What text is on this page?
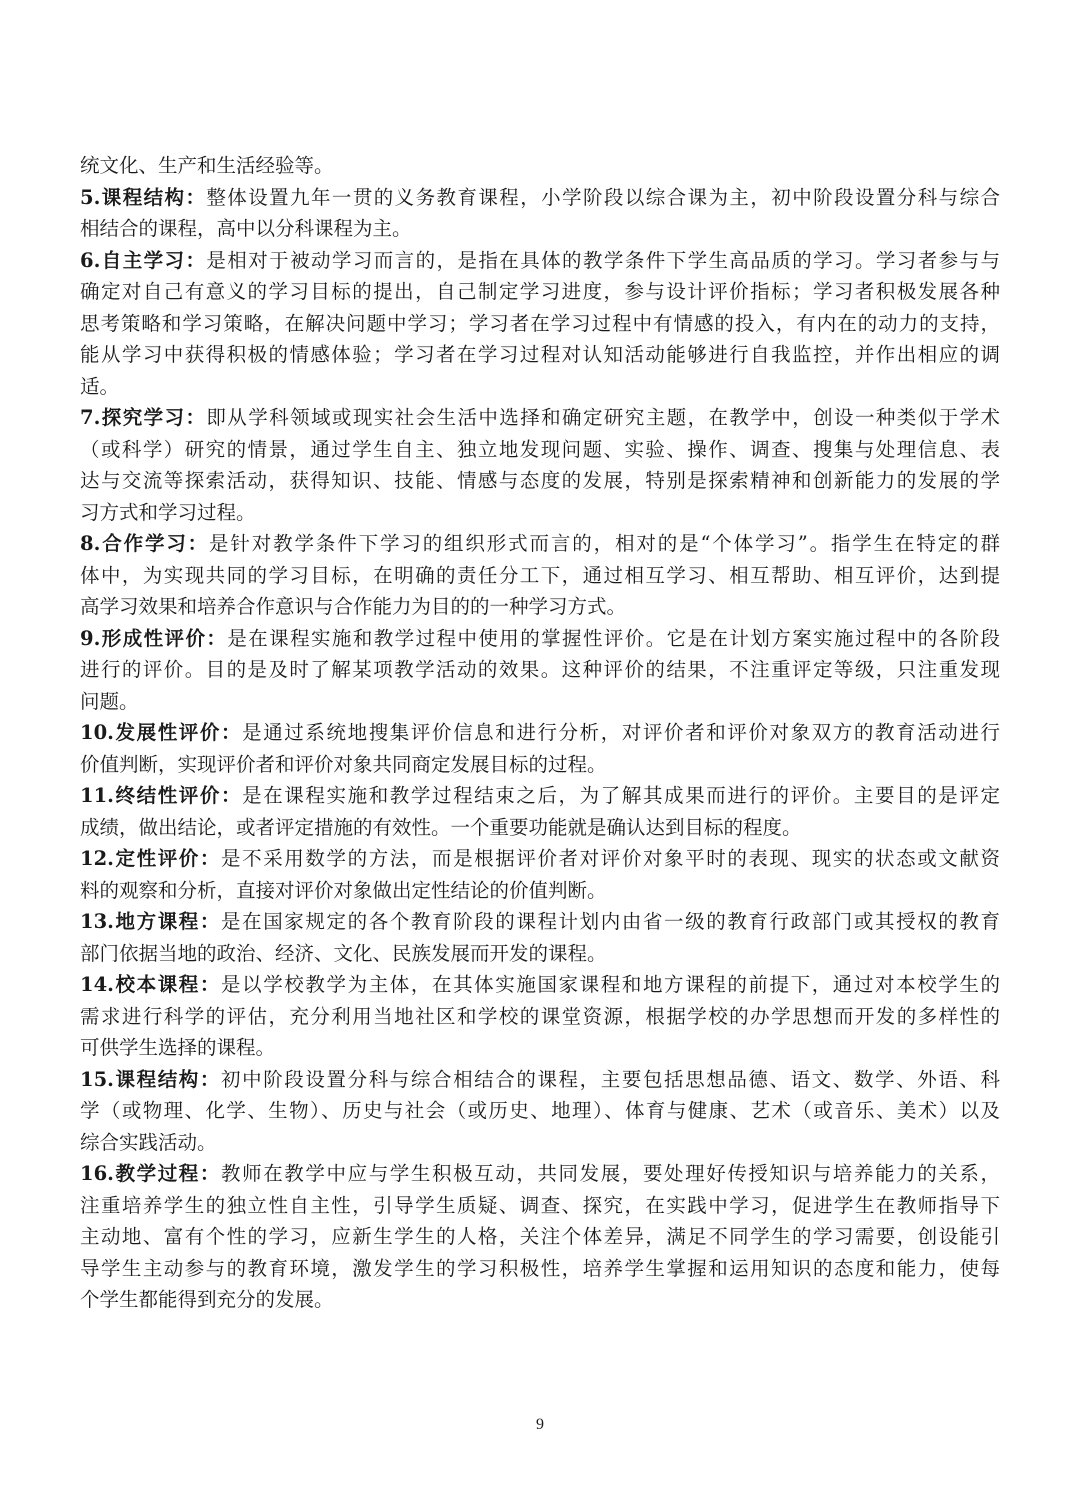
统文化、生产和生活经验等。
5.课程结构：整体设置九年一贯的义务教育课程，小学阶段以综合课为主，初中阶段设置分科与综合
相结合的课程，高中以分科课程为主。
6.自主学习：是相对于被动学习而言的，是指在具体的教学条件下学生高品质的学习。学习者参与与
确定对自己有意义的学习目标的提出，自己制定学习进度，参与设计评价指标；学习者积极发展各种
思考策略和学习策略，在解决问题中学习；学习者在学习过程中有情感的投入，有内在的动力的支持，
能从学习中获得积极的情感体验；学习者在学习过程对认知活动能够进行自我监控，并作出相应的调
适。
7.探究学习：即从学科领域或现实社会生活中选择和确定研究主题，在教学中，创设一种类似于学术
（或科学）研究的情景，通过学生自主、独立地发现问题、实验、操作、调查、搜集与处理信息、表
达与交流等探索活动，获得知识、技能、情感与态度的发展，特别是探索精神和创新能力的发展的学
习方式和学习过程。
8.合作学习：是针对教学条件下学习的组织形式而言的，相对的是“个体学习”。指学生在特定的群
体中，为实现共同的学习目标，在明确的责任分工下，通过相互学习、相互帮助、相互评价，达到提
高学习效果和培养合作意识与合作能力为目的的一种学习方式。
9.形成性评价：是在课程实施和教学过程中使用的掌握性评价。它是在计划方案实施过程中的各阶段
进行的评价。目的是及时了解某项教学活动的效果。这种评价的结果，不注重评定等级，只注重发现
问题。
10.发展性评价：是通过系统地搜集评价信息和进行分析，对评价者和评价对象双方的教育活动进行
价值判断，实现评价者和评价对象共同商定发展目标的过程。
11.终结性评价：是在课程实施和教学过程结束之后，为了解其成果而进行的评价。主要目的是评定
成绩，做出结论，或者评定措施的有效性。一个重要功能就是确认达到目标的程度。
12.定性评价：是不采用数学的方法，而是根据评价者对评价对象平时的表现、现实的状态或文献资
料的观察和分析，直接对评价对象做出定性结论的价值判断。
13.地方课程：是在国家规定的各个教育阶段的课程计划内由省一级的教育行政部门或其授权的教育
部门依据当地的政治、经济、文化、民族发展而开发的课程。
14.校本课程：是以学校教学为主体，在其体实施国家课程和地方课程的前提下，通过对本校学生的
需求进行科学的评估，充分利用当地社区和学校的课堂资源，根据学校的办学思想而开发的多样性的
可供学生选择的课程。
15.课程结构：初中阶段设置分科与综合相结合的课程，主要包括思想品德、语文、数学、外语、科
学（或物理、化学、生物）、历史与社会（或历史、地理）、体育与健康、艺术（或音乐、美术）以及
综合实践活动。
16.教学过程：教师在教学中应与学生积极互动，共同发展，要处理好传授知识与培养能力的关系，
注重培养学生的独立性自主性，引导学生质疑、调查、探究，在实践中学习，促进学生在教师指导下
主动地、富有个性的学习，应新生学生的人格，关注个体差异，满足不同学生的学习需要，创设能引
导学生主动参与的教育环境，激发学生的学习积极性，培养学生掌握和运用知识的态度和能力，使每
个学生都能得到充分的发展。
9
